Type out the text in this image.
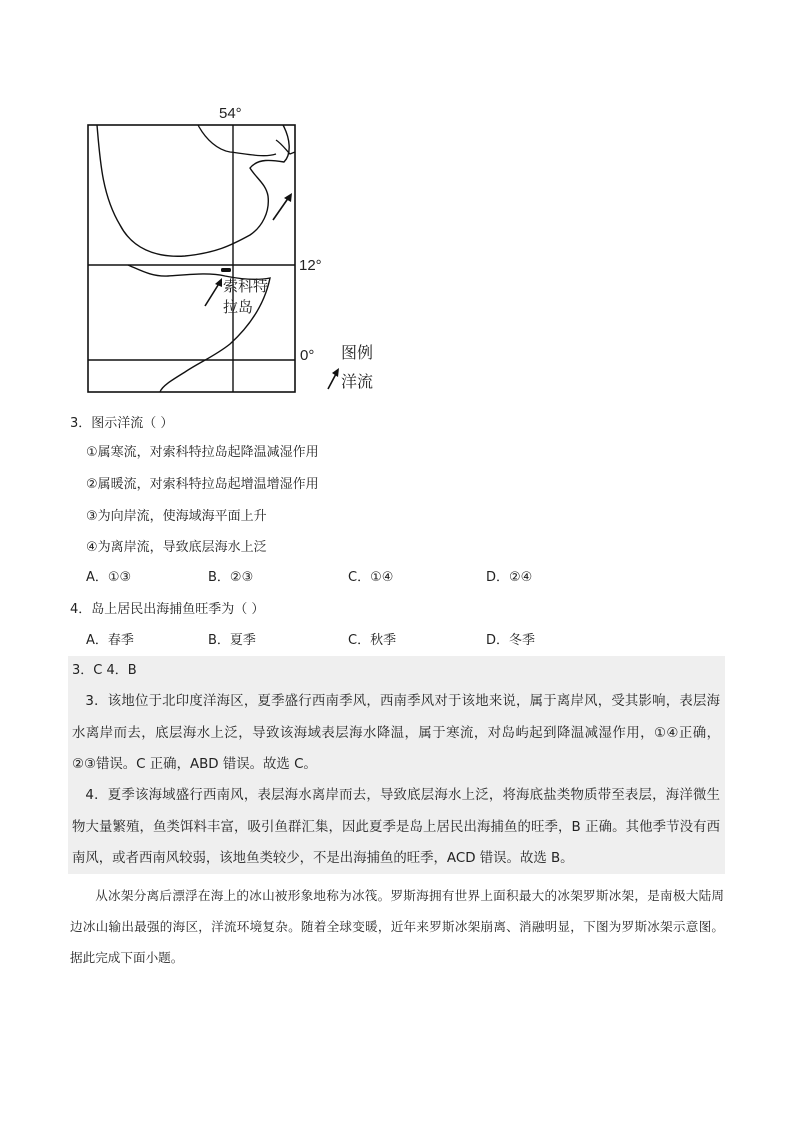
54°
12°
0°
索科特
拉岛
图例
洋流
3．图示洋流（ ）
①属寒流，对索科特拉岛起降温减湿作用
②属暖流，对索科特拉岛起增温增湿作用
③为向岸流，使海域海平面上升
④为离岸流，导致底层海水上泛
A．①③	B．②③	C．①④	D．②④
4．岛上居民出海捕鱼旺季为（ ）
A．春季	B．夏季	C．秋季	D．冬季
3．C 4．B
3．该地位于北印度洋海区，夏季盛行西南季风，西南季风对于该地来说，属于离岸风，受其影响，表层海水离岸而去，底层海水上泛，导致该海域表层海水降温，属于寒流，对岛屿起到降温减湿作用，①④正确，②③错误。C 正确，ABD 错误。故选 C。
4．夏季该海域盛行西南风，表层海水离岸而去，导致底层海水上泛，将海底盐类物质带至表层，海洋微生物大量繁殖，鱼类饵料丰富，吸引鱼群汇集，因此夏季是岛上居民出海捕鱼的旺季，B 正确。其他季节没有西南风，或者西南风较弱，该地鱼类较少，不是出海捕鱼的旺季，ACD 错误。故选 B。
从冰架分离后漂浮在海上的冰山被形象地称为冰筏。罗斯海拥有世界上面积最大的冰架罗斯冰架，是南极大陆周边冰山输出最强的海区，洋流环境复杂。随着全球变暖，近年来罗斯冰架崩离、消融明显，下图为罗斯冰架示意图。据此完成下面小题。
